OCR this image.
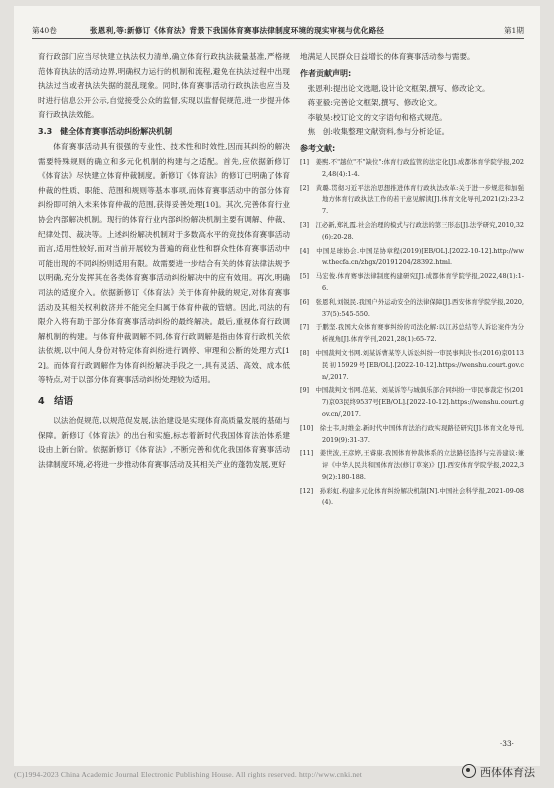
第40卷	张恩利,等:新修订《体育法》背景下我国体育赛事法律制度环境的现实审视与优化路径	第1期

育行政部门应当尽快建立执法权力清单,确立体育行政执法裁量基准,严格规范体育执法的活动边界,明确权力运行的机制和流程,避免在执法过程中出现执法过当或者执法失据的混乱现象。同时,体育赛事活动行政执法也应当及时进行信息公开公示,自觉接受公众的监督,实现以监督促规范,进一步提升体育行政执法效能。

3.3　健全体育赛事活动纠纷解决机制

体育赛事活动具有很强的专业性、技术性和时效性,因而其纠纷的解决需要特殊规则的确立和多元化机制的构建与之适配。首先,应依据新修订《体育法》尽快建立体育仲裁制度。新修订《体育法》的修订已明确了体育仲裁的性质、职能、范围和规则等基本事项,而体育赛事活动中的部分体育纠纷即可纳入未来体育仲裁的范围,获得妥善处理[10]。其次,完善体育行业协会内部解决机制。现行的体育行业内部纠纷解决机制主要有调解、仲裁、纪律处罚、裁决等。上述纠纷解决机制对于多数高水平的竞技体育赛事活动而言,适用性较好,而对当前开展较为普遍的商业性和群众性体育赛事活动中可能出现的不同纠纷则适用有限。故需要进一步结合有关的体育法律法规予以明确,充分发挥其在各类体育赛事活动纠纷解决中的应有效用。再次,明确司法的适度介入。依据新修订《体育法》关于体育仲裁的规定,对体育赛事活动及其相关权利救济并不能完全归属于体育仲裁的管辖。因此,司法的有限介入将有助于部分体育赛事活动纠纷的最终解决。最后,重视体育行政调解机制的构建。与体育仲裁调解不同,体育行政调解是指由体育行政机关依法依规,以中间人身份对特定体育纠纷进行调停、审理和公断的处理方式[12]。而体育行政调解作为体育纠纷解决手段之一,具有灵活、高效、成本低等特点,对于以部分体育赛事活动纠纷处理较为适用。

4　结语

以法治促规范,以规范促发展,法治建设是实现体育高质量发展的基础与保障。新修订《体育法》的出台和实施,标志着新时代我国体育法治体系建设由上新台阶。依据新修订《体育法》,不断完善和优化我国体育赛事活动法律制度环境,必将进一步推动体育赛事活动及其相关产业的蓬勃发展,更好

地满足人民群众日益增长的体育赛事活动参与需要。

作者贡献声明:

张恩利:提出论文选题,设计论文框架,撰写、修改论文。

蒋亚毅:完善论文框架,撰写、修改论文。

李敏昊:校订论文的文字语句和格式规范。

焦　创:收集整理文献资料,参与分析论证。

参考文献:
[1]　姜熙.不"越位"不"缺位":体育行政监管的法定化[J].成都体育学院学报,2022,48(4):1-4.
[2]　黄璐.贯彻习近平法治思想推进体育行政执法改革:关于进一步规范和加强地方体育行政执法工作的若干意见解读[J].体育文化导刊,2021(2):23-27.
[3]　江必新,郑礼霞.社会治理的模式与行政法的第三形态[J].法学研究,2010,32(6):20-28.
[4]　中国足球协会.中国足协章程(2019)[EB/OL].[2022-10-12].http://www.thecfa.cn/zhgx/20191204/28392.html.
[5]　马宏俊.体育赛事法律制度构建研究[J].成都体育学院学报,2022,48(1):1-6.
[6]　张恩利,刘锐民.我国户外运动安全的法律保障[J].西安体育学院学报,2020,37(5):545-550.
[7]　于鹏坚.我国大众体育赛事纠纷的司法化解:以江苏总结等人诉讼案件为分析视角[J].体育学刊,2021,28(1):65-72.
[8]　中国裁判文书网.刘某诉曹某等人诉讼纠纷一审民事判决书:(2016)京0113民初15929号[EB/OL].[2022-10-12].https://wenshu.court.gov.cn/,2017.
[9]　中国裁判文书网.范某、刘某诉等与城俱乐部合同纠纷一审民事裁定书(2017)京03民终9537号[EB/OL].[2022-10-12].https://wenshu.court.gov.cn/,2017.
[10]　徐士韦,时维金.新时代中国体育法治行政实现路径研究[J].体育文化导刊,2019(9):31-37.
[11]　姜世波,王彦婷,王睿康.我国体育仲裁体系的立法路径选择与完善建议:兼评《中华人民共和国体育法(修订草案)》[J].西安体育学院学报,2022,39(2):180-188.
[12]　孙彩虹.构建多元化体育纠纷解决机制[N].中国社会科学报,2021-09-08(4).
·33·
(C)1994-2023 China Academic Journal Electronic Publishing House. All rights reserved. http://www.cnki.net	西体体育法
